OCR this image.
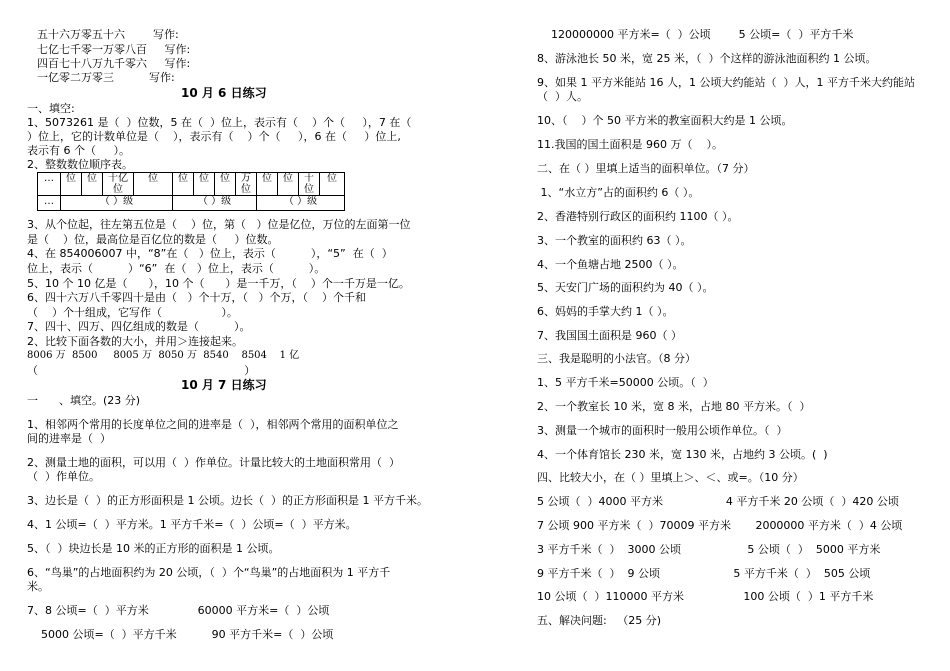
五十六万零五十六        写作:
七亿七千零一万零八百     写作:
四百七十八万九千零六     写作:
一亿零二万零三          写作:
10 月 6 日练习
一、填空:
1、5073261 是（  ）位数，5 在（  ）位上，表示有（    ）个（     ），7 在（
）位上，它的计数单位是（    ），表示有（    ）个（     ），6 在（     ）位上,
表示有 6 个（     ）。
2、整数数位顺序表。
…	位	位	十亿位	位	位	位	位	万位	位	位	十位	位
…	（ ）级				（ ）级				（ ）级			
3、从个位起，往左第五位是（    ）位，第（   ）位是亿位，万位的左面第一位
是（    ）位，最高位是百亿位的数是（     ）位数。
4、在 854006007 中，“8”在（   ）位上，表示（          ），“5”  在（  ）
位上，表示（          ）“6”  在（   ）位上，表示（          ）。
5、10 个 10 亿是（      ），10 个（      ）是一千万，（    ）个一千万是一亿。
6、四十六万八千零四十是由（   ）个十万，（   ）个万，（    ）个千和
（    ）个十组成，它写作（                 ）。
7、四十、四万、四亿组成的数是（          ）。
2、比较下面各数的大小，并用＞连接起来。
8006 万  8500     8005 万  8050 万  8540    8504    1 亿
（                                                           ）
10 月 7 日练习
一      、填空。(23 分)
1、相邻两个常用的长度单位之间的进率是（  ），相邻两个常用的面积单位之
间的进率是（  ）
2、测量土地的面积，可以用（  ）作单位。计量比较大的土地面积常用（  ）
（  ）作单位。
3、边长是（  ）的正方形面积是 1 公顷。边长（  ）的正方形面积是 1 平方千米。
4、1 公顷=（  ）平方米。1 平方千米=（  ）公顷=（  ）平方米。
5、（  ）块边长是 10 米的正方形的面积是 1 公顷。
6、“鸟巢”的占地面积约为 20 公顷，（  ）个“鸟巢”的占地面积为 1 平方千
米。
7、8 公顷=（  ）平方米              60000 平方米=（  ）公顷
5000 公顷=（  ）平方千米          90 平方千米=（  ）公顷
120000000 平方米=（  ）公顷        5 公顷=（  ）平方千米
8、游泳池长 50 米，宽 25 米，（  ）个这样的游泳池面积约 1 公顷。
9、如果 1 平方米能站 16 人，1 公顷大约能站（  ）人，1 平方千米大约能站
（  ）人。
10、（    ）个 50 平方米的教室面积大约是 1 公顷。
11.我国的国土面积是 960 万（    ）。
二、在（ ）里填上适当的面积单位。（7 分）
1、“水立方”占的面积约 6（ ）。
2、香港特别行政区的面积约 1100（ ）。
3、一个教室的面积约 63（ ）。
4、一个鱼塘占地 2500（ ）。
5、天安门广场的面积约为 40（ ）。
6、妈妈的手掌大约 1（ ）。
7、我国国土面积是 960（ ）
三、我是聪明的小法官。（8 分）
1、5 平方千米=50000 公顷。（  ）
2、一个教室长 10 米，宽 8 米，占地 80 平方米。（  ）
3、测量一个城市的面积时一般用公顷作单位。（  ）
4、一个体育馆长 230 米，宽 130 米，占地约 3 公顷。(  )
四、比较大小，在（ ）里填上＞、＜、或=。（10 分）
5 公顷（  ）4000 平方米                  4 平方千米 20 公顷（  ）420 公顷
7 公顷 900 平方米（  ）70009 平方米       2000000 平方米（  ）4 公顷
3 平方千米（  ）  3000 公顷                   5 公顷（  ）  5000 平方米
9 平方千米（  ）  9 公顷                     5 平方千米（  ）  505 公顷
10 公顷（  ）110000 平方米                 100 公顷（  ）1 平方千米
五、解决问题:   （25 分)
